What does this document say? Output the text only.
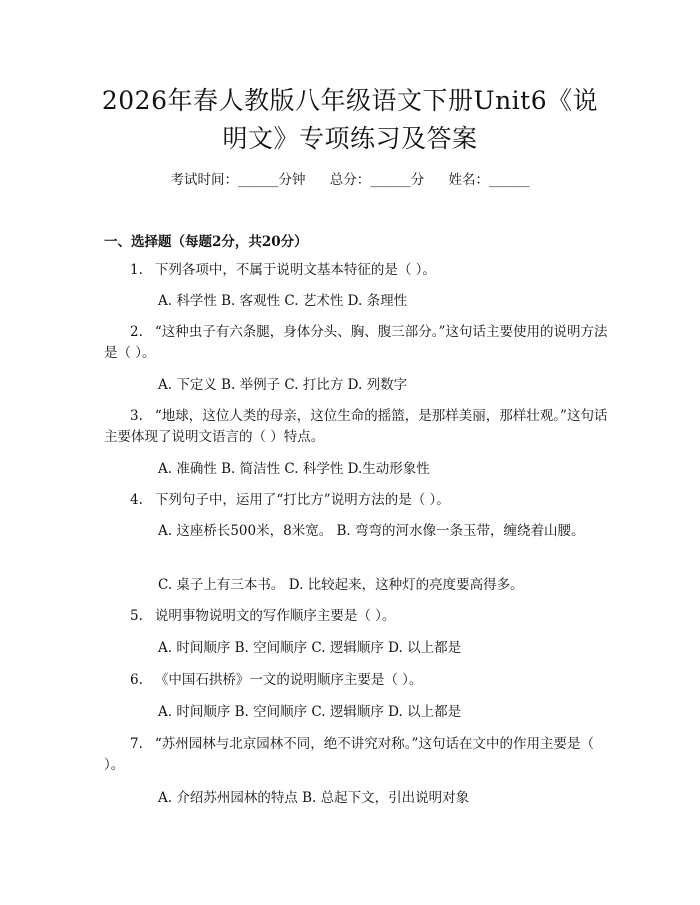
2026年春人教版八年级语文下册Unit6《说明文》专项练习及答案
考试时间：______分钟 总分：______分 姓名：______
一、选择题（每题2分，共20分）
1. 下列各项中，不属于说明文基本特征的是（ ）。
A. 科学性 B. 客观性 C. 艺术性 D. 条理性
2. “这种虫子有六条腿，身体分头、胸、腹三部分。”这句话主要使用的说明方法是（ ）。
A. 下定义 B. 举例子 C. 打比方 D. 列数字
3. “地球，这位人类的母亲，这位生命的摇篮，是那样美丽，那样壮观。”这句话主要体现了说明文语言的（ ）特点。
A. 准确性 B. 简洁性 C. 科学性 D.生动形象性
4. 下列句子中，运用了“打比方”说明方法的是（ ）。
A. 这座桥长500米，8米宽。 B. 弯弯的河水像一条玉带，缠绕着山腰。
C. 桌子上有三本书。 D. 比较起来，这种灯的亮度要高得多。
5. 说明事物说明文的写作顺序主要是（ ）。
A. 时间顺序 B. 空间顺序 C. 逻辑顺序 D. 以上都是
6. 《中国石拱桥》一文的说明顺序主要是（ ）。
A. 时间顺序 B. 空间顺序 C. 逻辑顺序 D. 以上都是
7. “苏州园林与北京园林不同，绝不讲究对称。”这句话在文中的作用主要是（ ）。
A. 介绍苏州园林的特点 B. 总起下文，引出说明对象
